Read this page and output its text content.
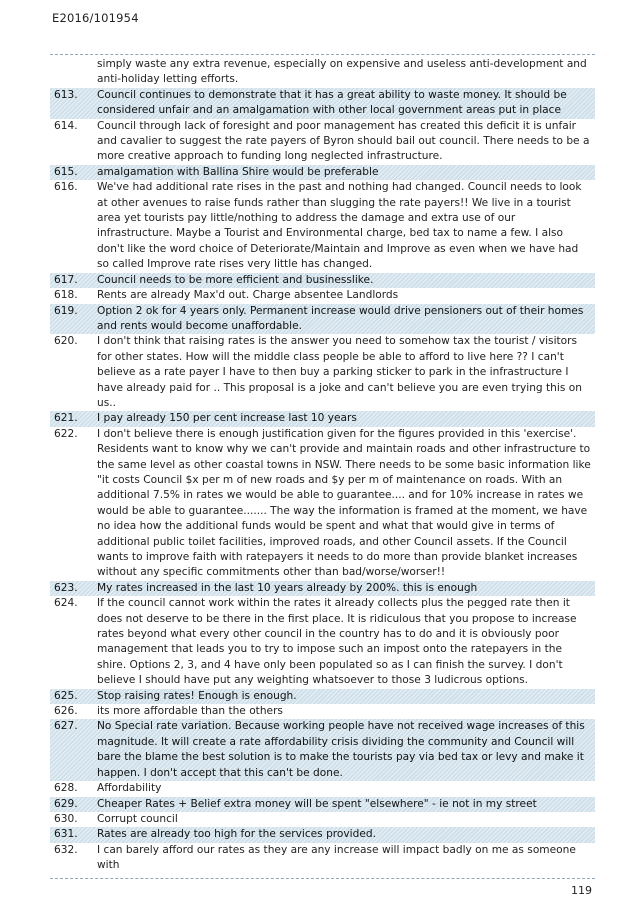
E2016/101954
simply waste any extra revenue, especially on expensive and useless anti-development and anti-holiday letting efforts.
613.	Council continues to demonstrate that it has a great ability to waste money. It should be considered unfair and an amalgamation with other local government areas put in place
614.	Council through lack of foresight and poor management has created this deficit it is unfair and cavalier to suggest the rate payers of Byron should bail out council. There needs to be a more creative approach to funding long neglected infrastructure.
615.	amalgamation with Ballina Shire would be preferable
616.	We've had additional rate rises in the past and nothing had changed. Council needs to look at other avenues to raise funds rather than slugging the rate payers!! We live in a tourist area yet tourists pay little/nothing to address the damage and extra use of our infrastructure. Maybe a Tourist and Environmental charge, bed tax to name a few. I also don't like the word choice of Deteriorate/Maintain and Improve as even when we have had so called Improve rate rises very little has changed.
617.	Council needs to be more efficient and businesslike.
618.	Rents are already Max'd out. Charge absentee Landlords
619.	Option 2 ok for 4 years only. Permanent increase would drive pensioners out of their homes and rents would become unaffordable.
620.	I don't think that raising rates is the answer you need to somehow tax the tourist / visitors for other states. How will the middle class people be able to afford to live here ?? I can't believe as a rate payer I have to then buy a parking sticker to park in the infrastructure I have already paid for .. This proposal is a joke and can't believe you are even trying this on us..
621.	I pay already 150 per cent increase last 10 years
622.	I don't believe there is enough justification given for the figures provided in this 'exercise'. Residents want to know why we can't provide and maintain roads and other infrastructure to the same level as other coastal towns in NSW. There needs to be some basic information like "it costs Council $x per m of new roads and $y per m of maintenance on roads. With an additional 7.5% in rates we would be able to guarantee.... and for 10% increase in rates we would be able to guarantee....... The way the information is framed at the moment, we have no idea how the additional funds would be spent and what that would give in terms of additional public toilet facilities, improved roads, and other Council assets. If the Council wants to improve faith with ratepayers it needs to do more than provide blanket increases without any specific commitments other than bad/worse/worser!!
623.	My rates increased in the last 10 years already by 200%. this is enough
624.	If the council cannot work within the rates it already collects plus the pegged rate then it does not deserve to be there in the first place. It is ridiculous that you propose to increase rates beyond what every other council in the country has to do and it is obviously poor management that leads you to try to impose such an impost onto the ratepayers in the shire. Options 2, 3, and 4 have only been populated so as I can finish the survey. I don't believe I should have put any weighting whatsoever to those 3 ludicrous options.
625.	Stop raising rates! Enough is enough.
626.	its more affordable than the others
627.	No Special rate variation. Because working people have not received wage increases of this magnitude. It will create a rate affordability crisis dividing the community and Council will bare the blame the best solution is to make the tourists pay via bed tax or levy and make it happen. I don't accept that this can't be done.
628.	Affordability
629.	Cheaper Rates + Belief extra money will be spent "elsewhere" - ie not in my street
630.	Corrupt council
631.	Rates are already too high for the services provided.
632.	I can barely afford our rates as they are any increase will impact badly on me as someone with
119
